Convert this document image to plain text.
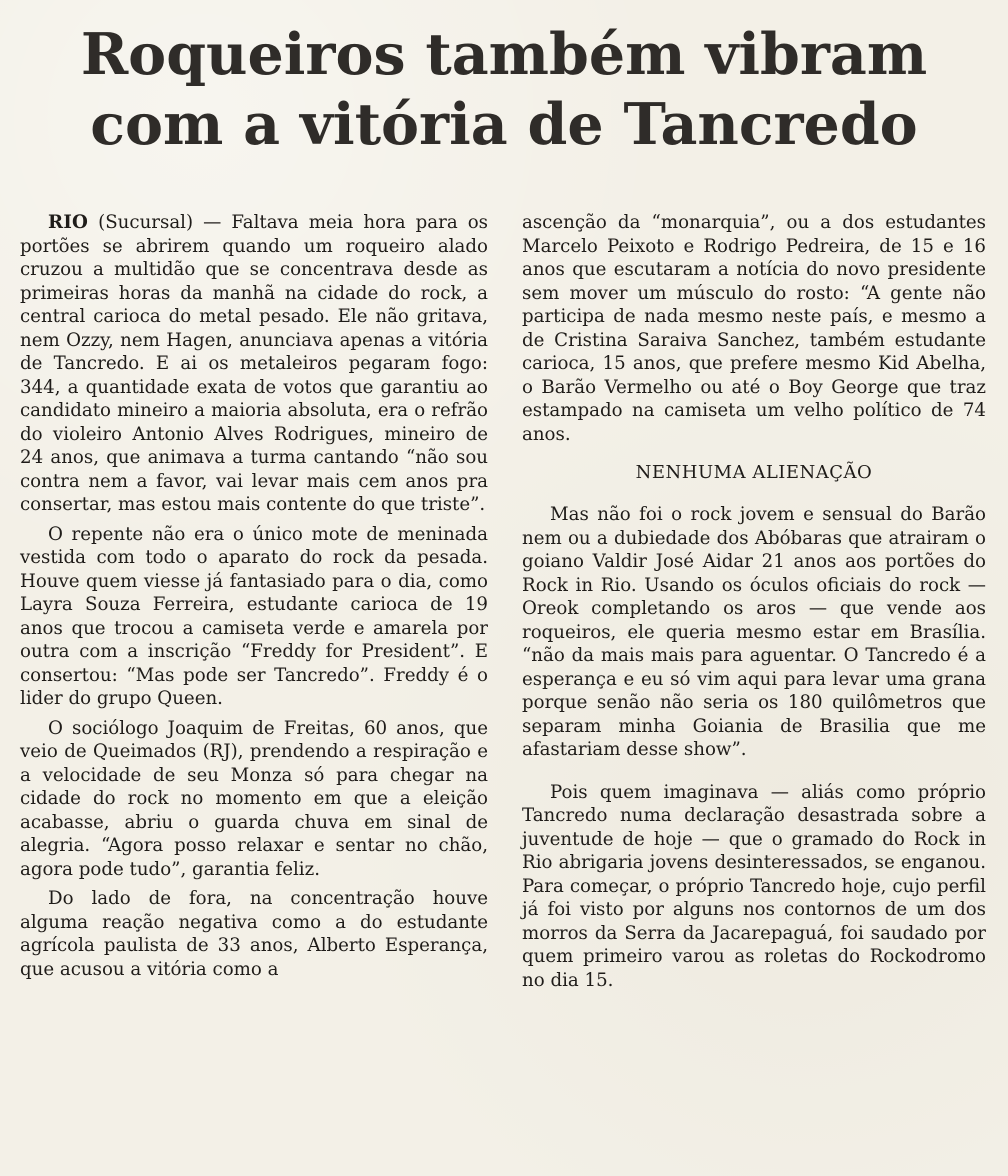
Roqueiros também vibram
com a vitória de Tancredo

RIO (Sucursal) — Faltava meia hora para os portões se abrirem quando um roqueiro alado cruzou a multidão que se concentrava desde as primeiras horas da manhã na cidade do rock, a central carioca do metal pesado. Ele não gritava, nem Ozzy, nem Hagen, anunciava apenas a vitória de Tancredo. E ai os metaleiros pegaram fogo: 344, a quantidade exata de votos que garantiu ao candidato mineiro a maioria absoluta, era o refrão do violeiro Antonio Alves Rodrigues, mineiro de 24 anos, que animava a turma cantando “não sou contra nem a favor, vai levar mais cem anos pra consertar, mas estou mais contente do que triste”.

O repente não era o único mote de meninada vestida com todo o aparato do rock da pesada. Houve quem viesse já fantasiado para o dia, como Layra Souza Ferreira, estudante carioca de 19 anos que trocou a camiseta verde e amarela por outra com a inscrição “Freddy for President”. E consertou: “Mas pode ser Tancredo”. Freddy é o lider do grupo Queen.

O sociólogo Joaquim de Freitas, 60 anos, que veio de Queimados (RJ), prendendo a respiração e a velocidade de seu Monza só para chegar na cidade do rock no momento em que a eleição acabasse, abriu o guarda chuva em sinal de alegria. “Agora posso relaxar e sentar no chão, agora pode tudo”, garantia feliz.

Do lado de fora, na concentração houve alguma reação negativa como a do estudante agrícola paulista de 33 anos, Alberto Esperança, que acusou a vitória como a

ascenção da “monarquia”, ou a dos estudantes Marcelo Peixoto e Rodrigo Pedreira, de 15 e 16 anos que escutaram a notícia do novo presidente sem mover um músculo do rosto: “A gente não participa de nada mesmo neste país, e mesmo a de Cristina Saraiva Sanchez, também estudante carioca, 15 anos, que prefere mesmo Kid Abelha, o Barão Vermelho ou até o Boy George que traz estampado na camiseta um velho político de 74 anos.

NENHUMA ALIENAÇÃO

Mas não foi o rock jovem e sensual do Barão nem ou a dubiedade dos Abóbaras que atrairam o goiano Valdir José Aidar 21 anos aos portões do Rock in Rio. Usando os óculos oficiais do rock — Oreok completando os aros — que vende aos roqueiros, ele queria mesmo estar em Brasília. “não da mais mais para aguentar. O Tancredo é a esperança e eu só vim aqui para levar uma grana porque senão não seria os 180 quilômetros que separam minha Goiania de Brasilia que me afastariam desse show”.

Pois quem imaginava — aliás como próprio Tancredo numa declaração desastrada sobre a juventude de hoje — que o gramado do Rock in Rio abrigaria jovens desinteressados, se enganou. Para começar, o próprio Tancredo hoje, cujo perfil já foi visto por alguns nos contornos de um dos morros da Serra da Jacarepaguá, foi saudado por quem primeiro varou as roletas do Rockodromo no dia 15.
